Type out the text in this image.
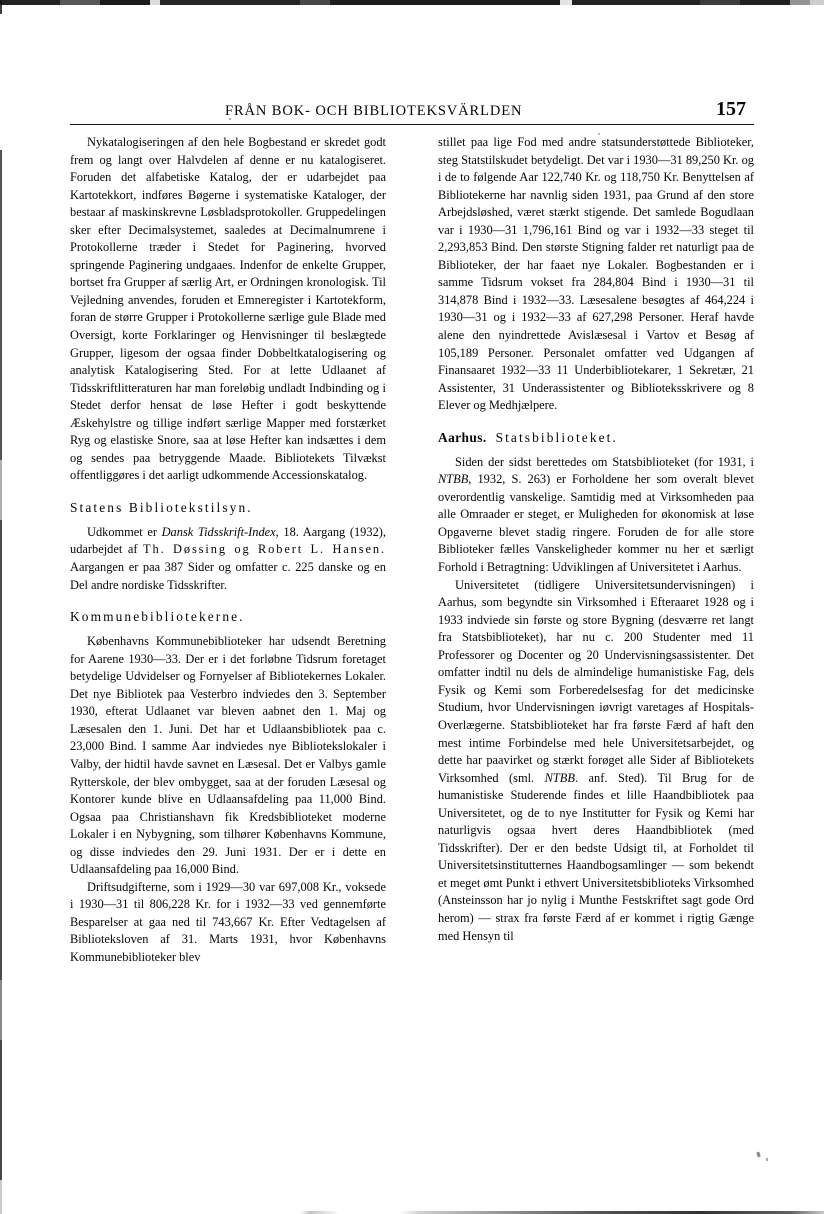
FRÅN BOK- OCH BIBLIOTEKSVÄRLDEN	157

Nykatalogiseringen af den hele Bogbestand er skredet godt frem og langt over Halvdelen af denne er nu katalogiseret. Foruden det alfabetiske Katalog, der er udarbejdet paa Kartotekkort, indføres Bøgerne i systematiske Kataloger, der bestaar af maskinskrevne Løsbladsprotokoller. Gruppedelingen sker efter Decimalsystemet, saaledes at Decimalnumrene i Protokollerne træder i Stedet for Paginering, hvorved springende Paginering undgaaes. Indenfor de enkelte Grupper, bortset fra Grupper af særlig Art, er Ordningen kronologisk. Til Vejledning anvendes, foruden et Emneregister i Kartotekform, foran de større Grupper i Protokollerne særlige gule Blade med Oversigt, korte Forklaringer og Henvisninger til beslægtede Grupper, ligesom der ogsaa finder Dobbeltkatalogisering og analytisk Katalogisering Sted. For at lette Udlaanet af Tidsskriftlitteraturen har man foreløbig undladt Indbinding og i Stedet derfor hensat de løse Hefter i godt beskyttende Æskehylstre og tillige indført særlige Mapper med forstærket Ryg og elastiske Snore, saa at løse Hefter kan indsættes i dem og sendes paa betryggende Maade. Bibliotekets Tilvækst offentliggøres i det aarligt udkommende Accessionskatalog.

Statens Bibliotekstilsyn.

Udkommet er Dansk Tidsskrift-Index, 18. Aargang (1932), udarbejdet af Th. Døssing og Robert L. Hansen. Aargangen er paa 387 Sider og omfatter c. 225 danske og en Del andre nordiske Tidsskrifter.

Kommunebibliotekerne.

Københavns Kommunebiblioteker har udsendt Beretning for Aarene 1930—33. Der er i det forløbne Tidsrum foretaget betydelige Udvidelser og Fornyelser af Bibliotekernes Lokaler. Det nye Bibliotek paa Vesterbro indviedes den 3. September 1930, efterat Udlaanet var bleven aabnet den 1. Maj og Læsesalen den 1. Juni. Det har et Udlaansbibliotek paa c. 23,000 Bind. I samme Aar indviedes nye Bibliotekslokaler i Valby, der hidtil havde savnet en Læsesal. Det er Valbys gamle Rytterskole, der blev ombygget, saa at der foruden Læsesal og Kontorer kunde blive en Udlaansafdeling paa 11,000 Bind. Ogsaa paa Christianshavn fik Kredsbiblioteket moderne Lokaler i en Nybygning, som tilhører Københavns Kommune, og disse indviedes den 29. Juni 1931. Der er i dette en Udlaansafdeling paa 16,000 Bind.

Driftsudgifterne, som i 1929—30 var 697,008 Kr., voksede i 1930—31 til 806,228 Kr. for i 1932—33 ved gennemførte Besparelser at gaa ned til 743,667 Kr. Efter Vedtagelsen af Biblioteksloven af 31. Marts 1931, hvor Københavns Kommunebiblioteker blev

stillet paa lige Fod med andre statsunderstøttede Biblioteker, steg Statstilskudet betydeligt. Det var i 1930—31 89,250 Kr. og i de to følgende Aar 122,740 Kr. og 118,750 Kr. Benyttelsen af Bibliotekerne har navnlig siden 1931, paa Grund af den store Arbejdsløshed, været stærkt stigende. Det samlede Bogudlaan var i 1930—31 1,796,161 Bind og var i 1932—33 steget til 2,293,853 Bind. Den største Stigning falder ret naturligt paa de Biblioteker, der har faaet nye Lokaler. Bogbestanden er i samme Tidsrum vokset fra 284,804 Bind i 1930—31 til 314,878 Bind i 1932—33. Læsesalene besøgtes af 464,224 i 1930—31 og i 1932—33 af 627,298 Personer. Heraf havde alene den nyindrettede Avislæsesal i Vartov et Besøg af 105,189 Personer. Personalet omfatter ved Udgangen af Finansaaret 1932—33 11 Underbibliotekarer, 1 Sekretær, 21 Assistenter, 31 Underassistenter og Biblioteksskrivere og 8 Elever og Medhjælpere.

Aarhus. Statsbiblioteket.

Siden der sidst berettedes om Statsbiblioteket (for 1931, i NTBB, 1932, S. 263) er Forholdene her som overalt blevet overordentlig vanskelige. Samtidig med at Virksomheden paa alle Omraader er steget, er Muligheden for økonomisk at løse Opgaverne blevet stadig ringere. Foruden de for alle store Biblioteker fælles Vanskeligheder kommer nu her et særligt Forhold i Betragtning: Udviklingen af Universitetet i Aarhus.

Universitetet (tidligere Universitetsundervisningen) i Aarhus, som begyndte sin Virksomhed i Efteraaret 1928 og i 1933 indviede sin første og store Bygning (desværre ret langt fra Statsbiblioteket), har nu c. 200 Studenter med 11 Professorer og Docenter og 20 Undervisningsassistenter. Det omfatter indtil nu dels de almindelige humanistiske Fag, dels Fysik og Kemi som Forberedelsesfag for det medicinske Studium, hvor Undervisningen iøvrigt varetages af Hospitals-Overlægerne. Statsbiblioteket har fra første Færd af haft den mest intime Forbindelse med hele Universitetsarbejdet, og dette har paavirket og stærkt forøget alle Sider af Bibliotekets Virksomhed (sml. NTBB. anf. Sted). Til Brug for de humanistiske Studerende findes et lille Haandbibliotek paa Universitetet, og de to nye Institutter for Fysik og Kemi har naturligvis ogsaa hvert deres Haandbibliotek (med Tidsskrifter). Der er den bedste Udsigt til, at Forholdet til Universitetsinstitutternes Haandbogsamlinger — som bekendt et meget ømt Punkt i ethvert Universitetsbiblioteks Virksomhed (Ansteinsson har jo nylig i Munthe Festskriftet sagt gode Ord herom) — strax fra første Færd af er kommet i rigtig Gænge med Hensyn til
